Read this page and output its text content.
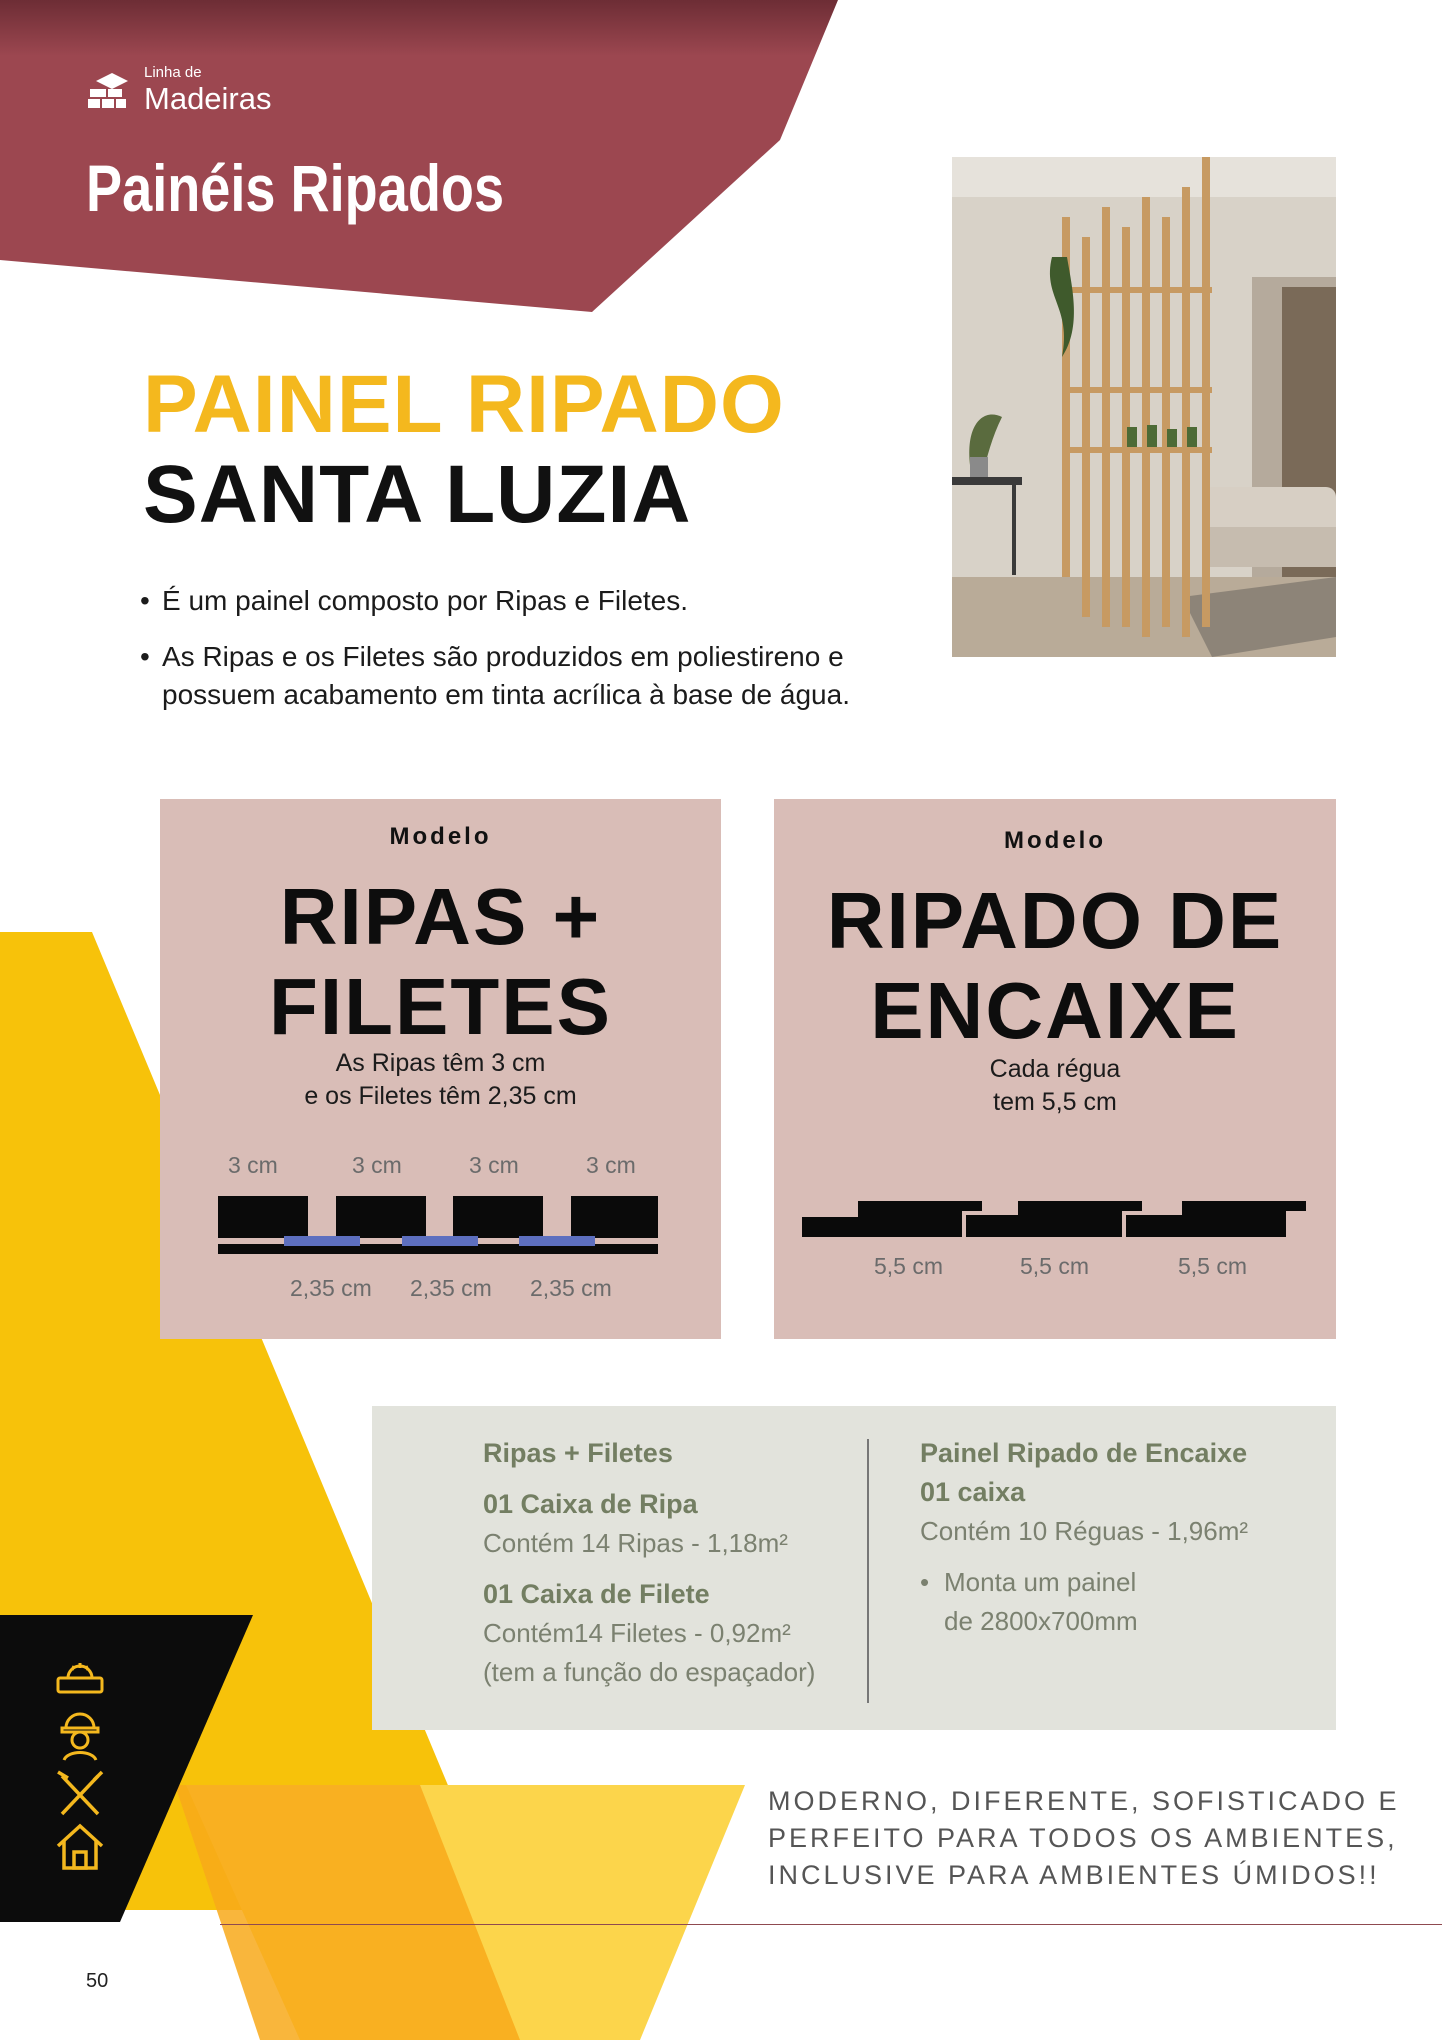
Linha de
Madeiras
Painéis Ripados
PAINEL RIPADO
SANTA LUZIA
• É um painel composto por Ripas e Filetes.
• As Ripas e os Filetes são produzidos em poliestireno e possuem acabamento em tinta acrílica à base de água.
Modelo
RIPAS +
FILETES
As Ripas têm 3 cm
e os Filetes têm 2,35 cm
3 cm	3 cm	3 cm	3 cm
2,35 cm 2,35 cm 2,35 cm
Modelo
RIPADO DE
ENCAIXE
Cada régua
tem 5,5 cm
5,5 cm	5,5 cm	5,5 cm
Ripas + Filetes
01 Caixa de Ripa
Contém 14 Ripas - 1,18m²
01 Caixa de Filete
Contém14 Filetes - 0,92m²
(tem a função do espaçador)
Painel Ripado de Encaixe
01 caixa
Contém 10 Réguas - 1,96m²
• Monta um painel
de 2800x700mm
MODERNO, DIFERENTE, SOFISTICADO E
PERFEITO PARA TODOS OS AMBIENTES,
INCLUSIVE PARA AMBIENTES ÚMIDOS!!
50
